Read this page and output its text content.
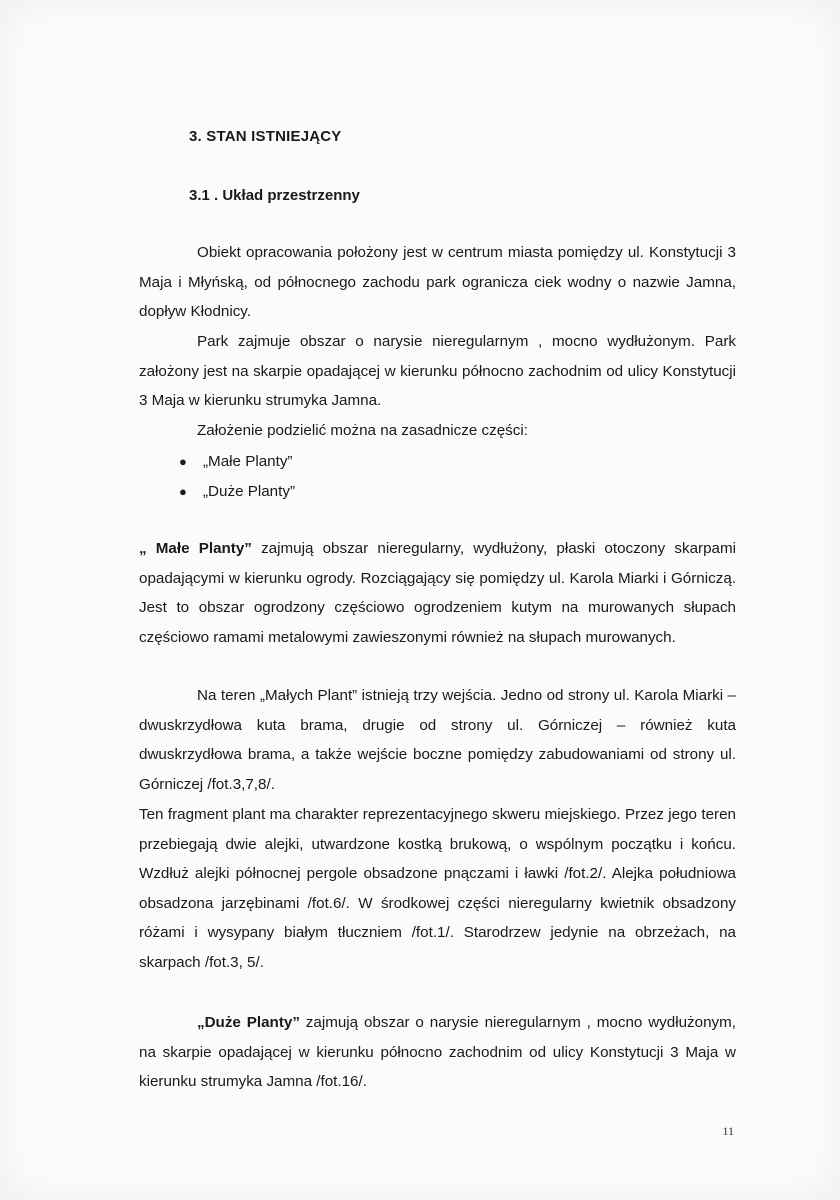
3. STAN ISTNIEJĄCY
3.1 . Układ przestrzenny

Obiekt opracowania położony jest w centrum miasta pomiędzy ul. Konstytucji 3 Maja i Młyńską, od północnego zachodu park ogranicza ciek wodny o nazwie Jamna, dopływ Kłodnicy.

Park zajmuje obszar o narysie nieregularnym , mocno wydłużonym. Park założony jest na skarpie opadającej w kierunku północno zachodnim od ulicy Konstytucji 3 Maja w kierunku strumyka Jamna.

Założenie podzielić można na zasadnicze części:

● „Małe Planty”
● „Duże Planty”

„ Małe Planty” zajmują obszar nieregularny, wydłużony, płaski otoczony skarpami opadającymi w kierunku ogrody. Rozciągający się pomiędzy ul. Karola Miarki i Górniczą. Jest to obszar ogrodzony częściowo ogrodzeniem kutym na murowanych słupach częściowo ramami metalowymi zawieszonymi również na słupach murowanych.

Na teren „Małych Plant” istnieją trzy wejścia. Jedno od strony ul. Karola Miarki – dwuskrzydłowa kuta brama, drugie od strony ul. Górniczej – również kuta dwuskrzydłowa brama, a także wejście boczne pomiędzy zabudowaniami od strony ul. Górniczej /fot.3,7,8/.

Ten fragment plant ma charakter reprezentacyjnego skweru miejskiego. Przez jego teren przebiegają dwie alejki, utwardzone kostką brukową, o wspólnym początku i końcu. Wzdłuż alejki północnej pergole obsadzone pnączami i ławki /fot.2/. Alejka południowa obsadzona jarzębinami /fot.6/. W środkowej części nieregularny kwietnik obsadzony różami i wysypany białym tłuczniem /fot.1/. Starodrzew jedynie na obrzeżach, na skarpach /fot.3, 5/.

„Duże Planty” zajmują obszar o narysie nieregularnym , mocno wydłużonym, na skarpie opadającej w kierunku północno zachodnim od ulicy Konstytucji 3 Maja w kierunku strumyka Jamna /fot.16/.

11
